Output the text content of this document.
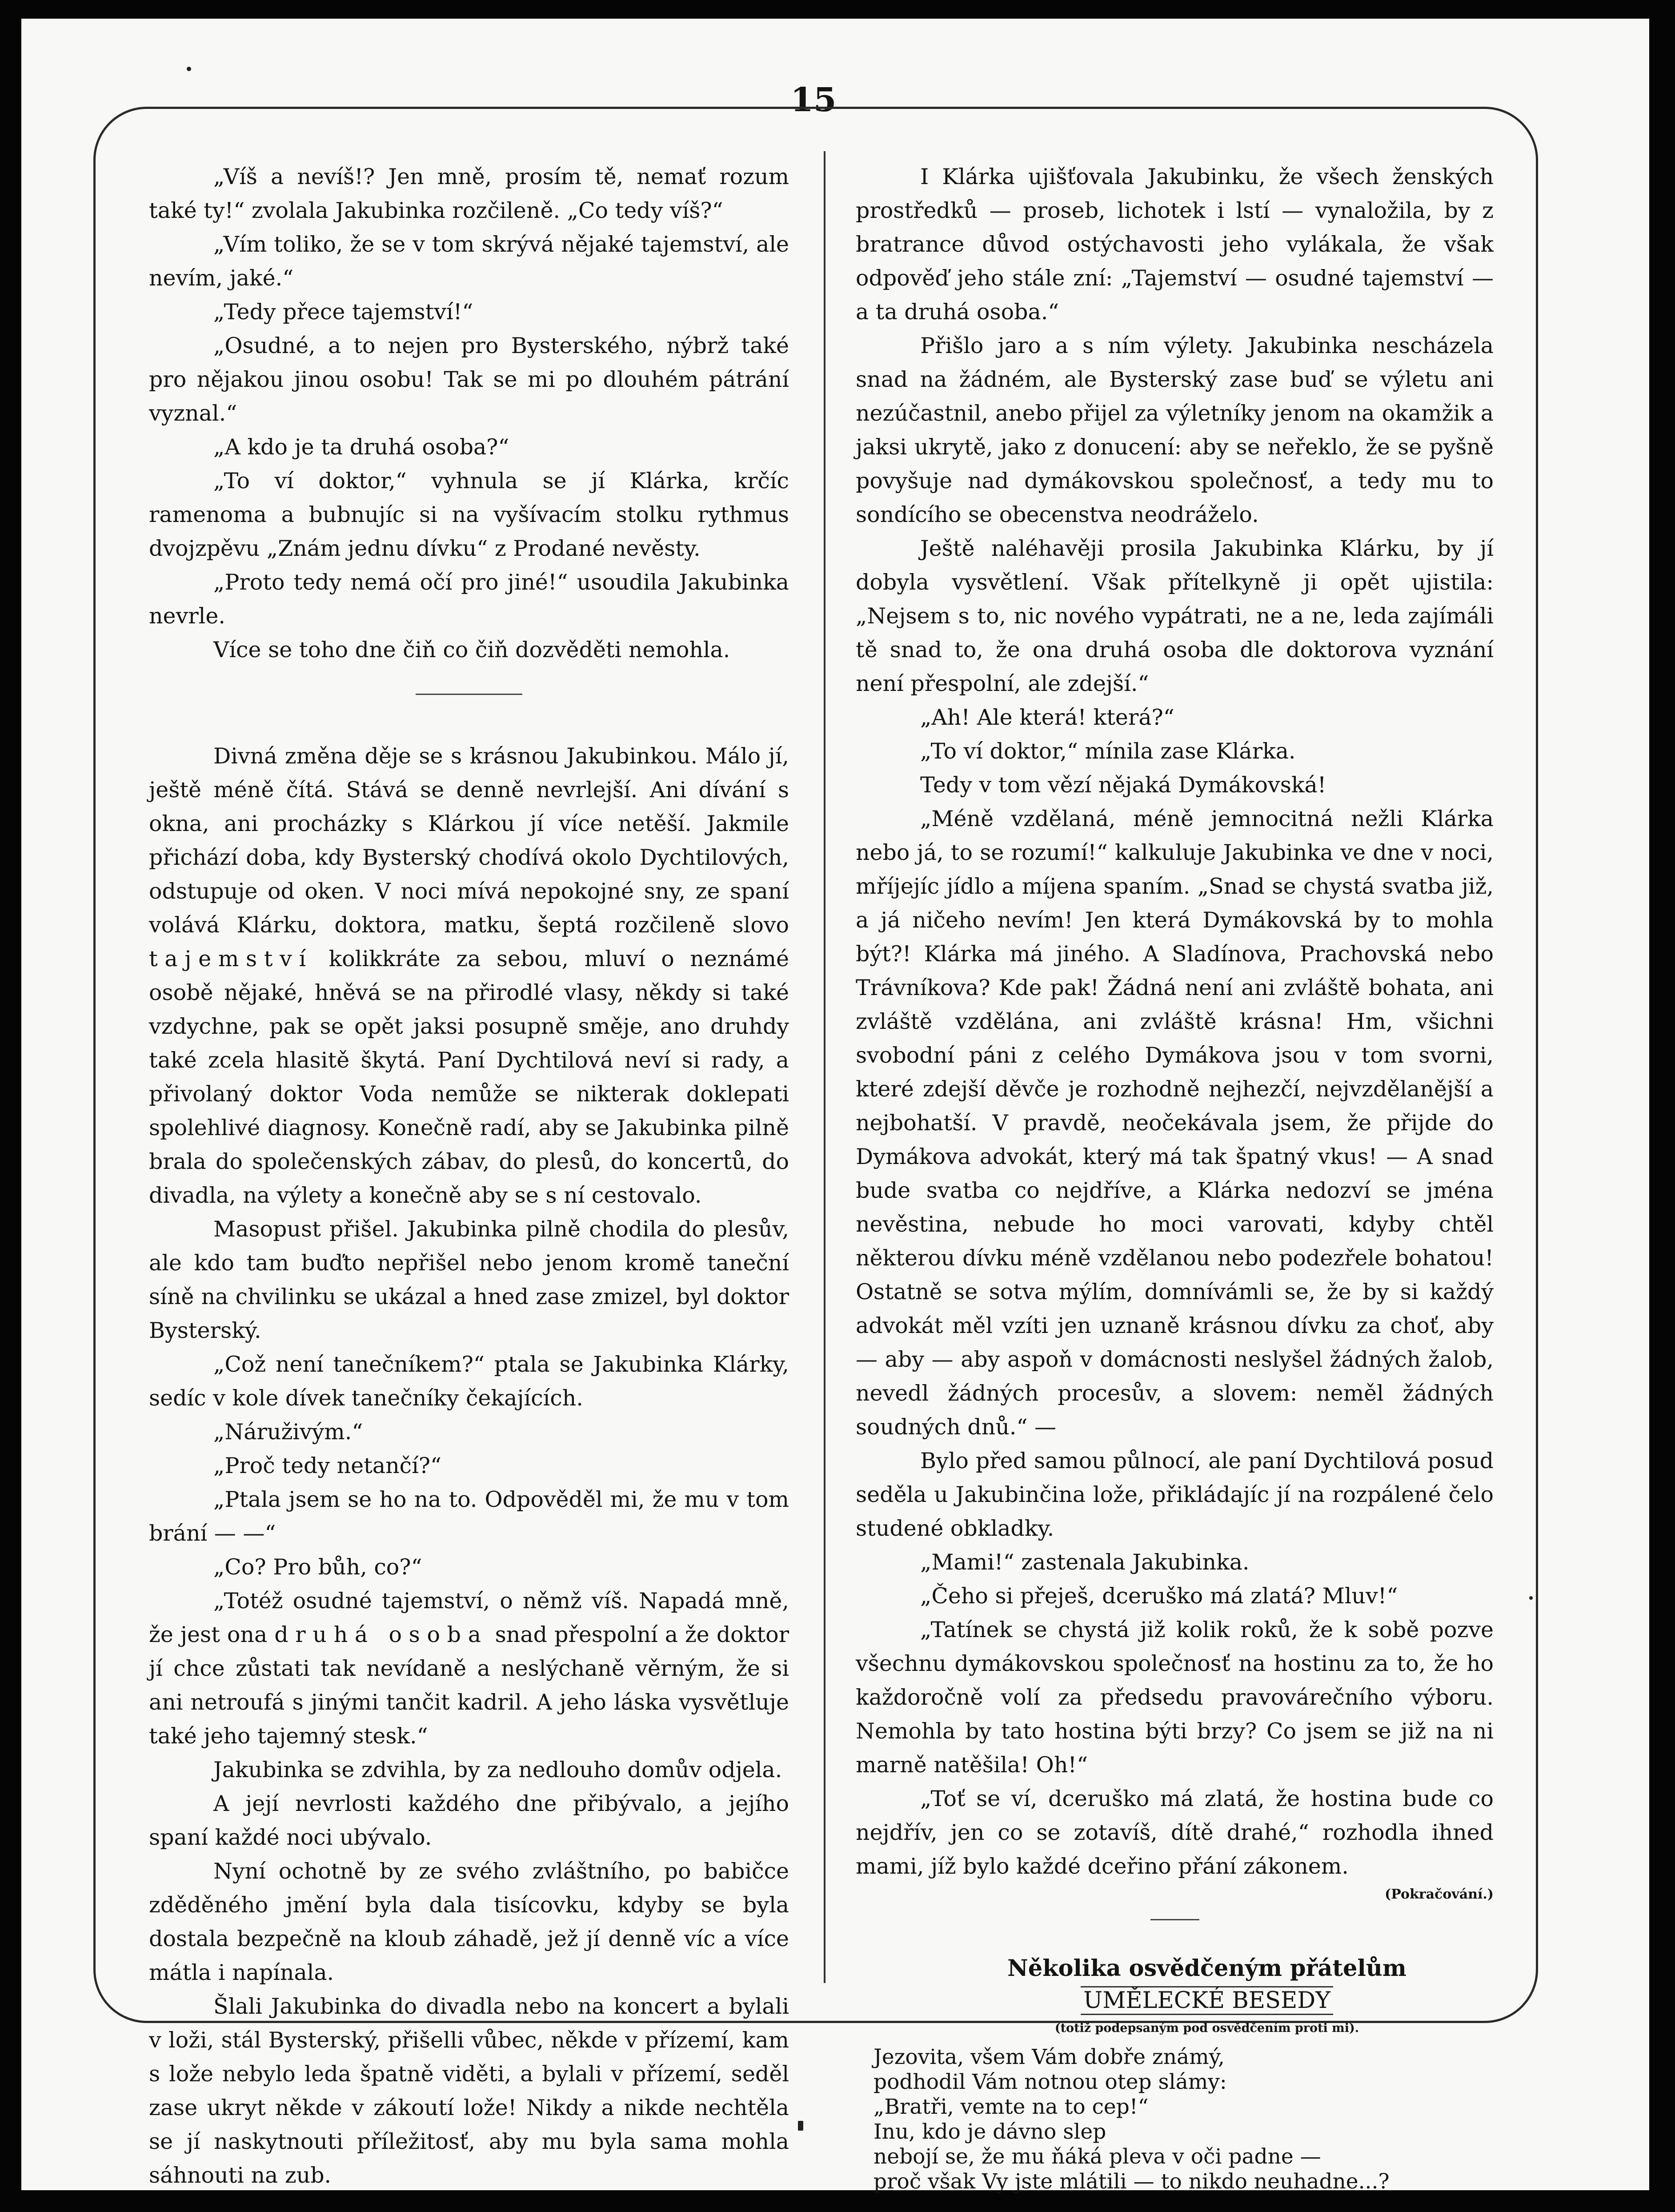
15

„Víš a nevíš!? Jen mně, prosím tě, nemať rozum také ty!“ zvolala Jakubinka rozčileně. „Co tedy víš?“

„Vím toliko, že se v tom skrývá nějaké tajemství, ale nevím, jaké.“

„Tedy přece tajemství!“

„Osudné, a to nejen pro Bysterského, nýbrž také pro nějakou jinou osobu! Tak se mi po dlouhém pátrání vyznal.“

„A kdo je ta druhá osoba?“

„To ví doktor,“ vyhnula se jí Klárka, krčíc ramenoma a bubnujíc si na vyšívacím stolku rythmus dvojzpěvu „Znám jednu dívku“ z Prodané nevěsty.

„Proto tedy nemá očí pro jiné!“ usoudila Jakubinka nevrle.

Více se toho dne čiň co čiň dozvěděti nemohla.

Divná změna děje se s krásnou Jakubinkou. Málo jí, ještě méně čítá. Stává se denně nevrlejší. Ani dívání s okna, ani procházky s Klárkou jí více netěší. Jakmile přichází doba, kdy Bysterský chodívá okolo Dychtilových, odstupuje od oken. V noci mívá nepokojné sny, ze spaní volává Klárku, doktora, matku, šeptá rozčileně slovo tajemství kolikkráte za sebou, mluví o neznámé osobě nějaké, hněvá se na přirodlé vlasy, někdy si také vzdychne, pak se opět jaksi posupně směje, ano druhdy také zcela hlasitě škytá. Paní Dychtilová neví si rady, a přivolaný doktor Voda nemůže se nikterak doklepati spolehlivé diagnosy. Konečně radí, aby se Jakubinka pilně brala do společenských zábav, do plesů, do koncertů, do divadla, na výlety a konečně aby se s ní cestovalo.

Masopust přišel. Jakubinka pilně chodila do plesův, ale kdo tam buďto nepřišel nebo jenom kromě taneční síně na chvilinku se ukázal a hned zase zmizel, byl doktor Bysterský.

„Což není tanečníkem?“ ptala se Jakubinka Klárky, sedíc v kole dívek tanečníky čekajících.

„Náruživým.“

„Proč tedy netančí?“

„Ptala jsem se ho na to. Odpověděl mi, že mu v tom brání — —“

„Co? Pro bůh, co?“

„Totéž osudné tajemství, o němž víš. Napadá mně, že jest ona druhá osoba snad přespolní a že doktor jí chce zůstati tak nevídaně a neslýchaně věrným, že si ani netroufá s jinými tančit kadril. A jeho láska vysvětluje také jeho tajemný stesk.“

Jakubinka se zdvihla, by za nedlouho domův odjela.

A její nevrlosti každého dne přibývalo, a jejího spaní každé noci ubývalo.

Nyní ochotně by ze svého zvláštního, po babičce zděděného jmění byla dala tisícovku, kdyby se byla dostala bezpečně na kloub záhadě, jež jí denně víc a více mátla i napínala.

Šlali Jakubinka do divadla nebo na koncert a bylali v loži, stál Bysterský, přišelli vůbec, někde v přízemí, kam s lože nebylo leda špatně viděti, a bylali v přízemí, seděl zase ukryt někde v zákoutí lože! Nikdy a nikde nechtěla se jí naskytnouti příležitosť, aby mu byla sama mohla sáhnouti na zub.

I Klárka ujišťovala Jakubinku, že všech ženských prostředků — proseb, lichotek i lstí — vynaložila, by z bratrance důvod ostýchavosti jeho vylákala, že však odpověď jeho stále zní: „Tajemství — osudné tajemství — a ta druhá osoba.“

Přišlo jaro a s ním výlety. Jakubinka nescházela snad na žádném, ale Bysterský zase buď se výletu ani nezúčastnil, anebo přijel za výletníky jenom na okamžik a jaksi ukrytě, jako z donucení: aby se neřeklo, že se pyšně povyšuje nad dymákovskou společnosť, a tedy mu to sondícího se obecenstva neodráželo.

Ještě naléhavěji prosila Jakubinka Klárku, by jí dobyla vysvětlení. Však přítelkyně ji opět ujistila: „Nejsem s to, nic nového vypátrati, ne a ne, leda zajímáli tě snad to, že ona druhá osoba dle doktorova vyznání není přespolní, ale zdejší.“

„Ah! Ale která! která?“

„To ví doktor,“ mínila zase Klárka.

Tedy v tom vězí nějaká Dymákovská!

„Méně vzdělaná, méně jemnocitná nežli Klárka nebo já, to se rozumí!“ kalkuluje Jakubinka ve dne v noci, mříjejíc jídlo a míjena spaním. „Snad se chystá svatba již, a já ničeho nevím! Jen která Dymákovská by to mohla být?! Klárka má jiného. A Sladínova, Prachovská nebo Trávníkova? Kde pak! Žádná není ani zvláště bohata, ani zvláště vzdělána, ani zvláště krásna! Hm, všichni svobodní páni z celého Dymákova jsou v tom svorni, které zdejší děvče je rozhodně nejhezčí, nejvzdělanější a nejbohatší. V pravdě, neočekávala jsem, že přijde do Dymákova advokát, který má tak špatný vkus! — A snad bude svatba co nejdříve, a Klárka nedozví se jména nevěstina, nebude ho moci varovati, kdyby chtěl některou dívku méně vzdělanou nebo podezřele bohatou! Ostatně se sotva mýlím, domnívámli se, že by si každý advokát měl vzíti jen uznaně krásnou dívku za choť, aby — aby — aby aspoň v domácnosti neslyšel žádných žalob, nevedl žádných procesův, a slovem: neměl žádných soudných dnů.“ —

Bylo před samou půlnocí, ale paní Dychtilová posud seděla u Jakubinčina lože, přikládajíc jí na rozpálené čelo studené obkladky.

„Mami!“ zastenala Jakubinka.

„Čeho si přeješ, dceruško má zlatá? Mluv!“

„Tatínek se chystá již kolik roků, že k sobě pozve všechnu dymákovskou společnosť na hostinu za to, že ho každoročně volí za předsedu pravovárečního výboru. Nemohla by tato hostina býti brzy? Co jsem se již na ni marně natěšila! Oh!“

„Toť se ví, dceruško má zlatá, že hostina bude co nejdřív, jen co se zotavíš, dítě drahé,“ rozhodla ihned mami, jíž bylo každé dceřino přání zákonem.

(Pokračování.)

Několika osvědčeným přátelům

UMĚLECKÉ BESEDY

(totiž podepsaným pod osvědčením proti mi).

Jezovita, všem Vám dobře známý,
podhodil Vám notnou otep slámy:
„Bratři, vemte na to cep!“
Inu, kdo je dávno slep
nebojí se, že mu ňáká pleva v oči padne —
proč však Vy jste mlátili — to nikdo neuhadne...?
